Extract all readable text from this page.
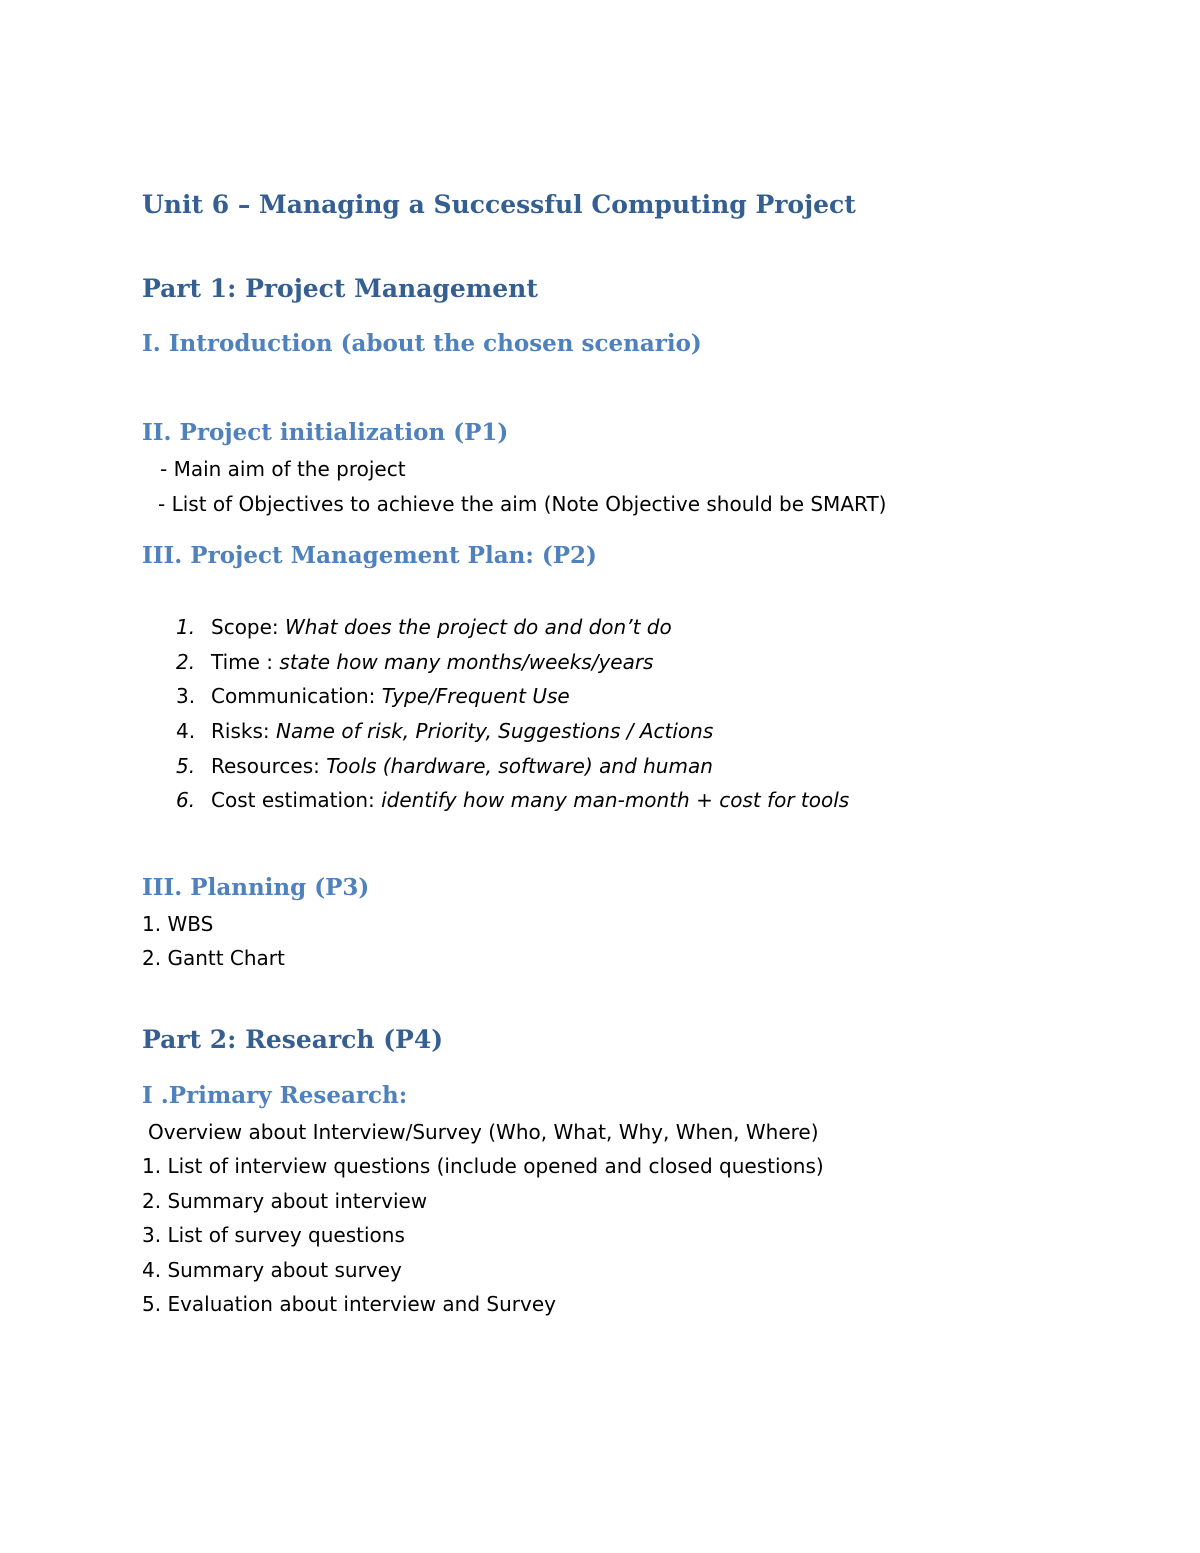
Unit 6 – Managing a Successful Computing Project
Part 1: Project Management
I. Introduction (about the chosen scenario)
II. Project initialization (P1)
- Main aim of the project
- List of Objectives to achieve the aim (Note Objective should be SMART)
III. Project Management Plan: (P2)
1. Scope: What does the project do and don’t do
2. Time : state how many months/weeks/years
3. Communication: Type/Frequent Use
4. Risks: Name of risk, Priority, Suggestions / Actions
5. Resources: Tools (hardware, software) and human
6. Cost estimation: identify how many man-month + cost for tools
III. Planning (P3)
1. WBS
2. Gantt Chart
Part 2: Research (P4)
I .Primary Research:
Overview about Interview/Survey (Who, What, Why, When, Where)
1. List of interview questions (include opened and closed questions)
2. Summary about interview
3. List of survey questions
4. Summary about survey
5. Evaluation about interview and Survey
